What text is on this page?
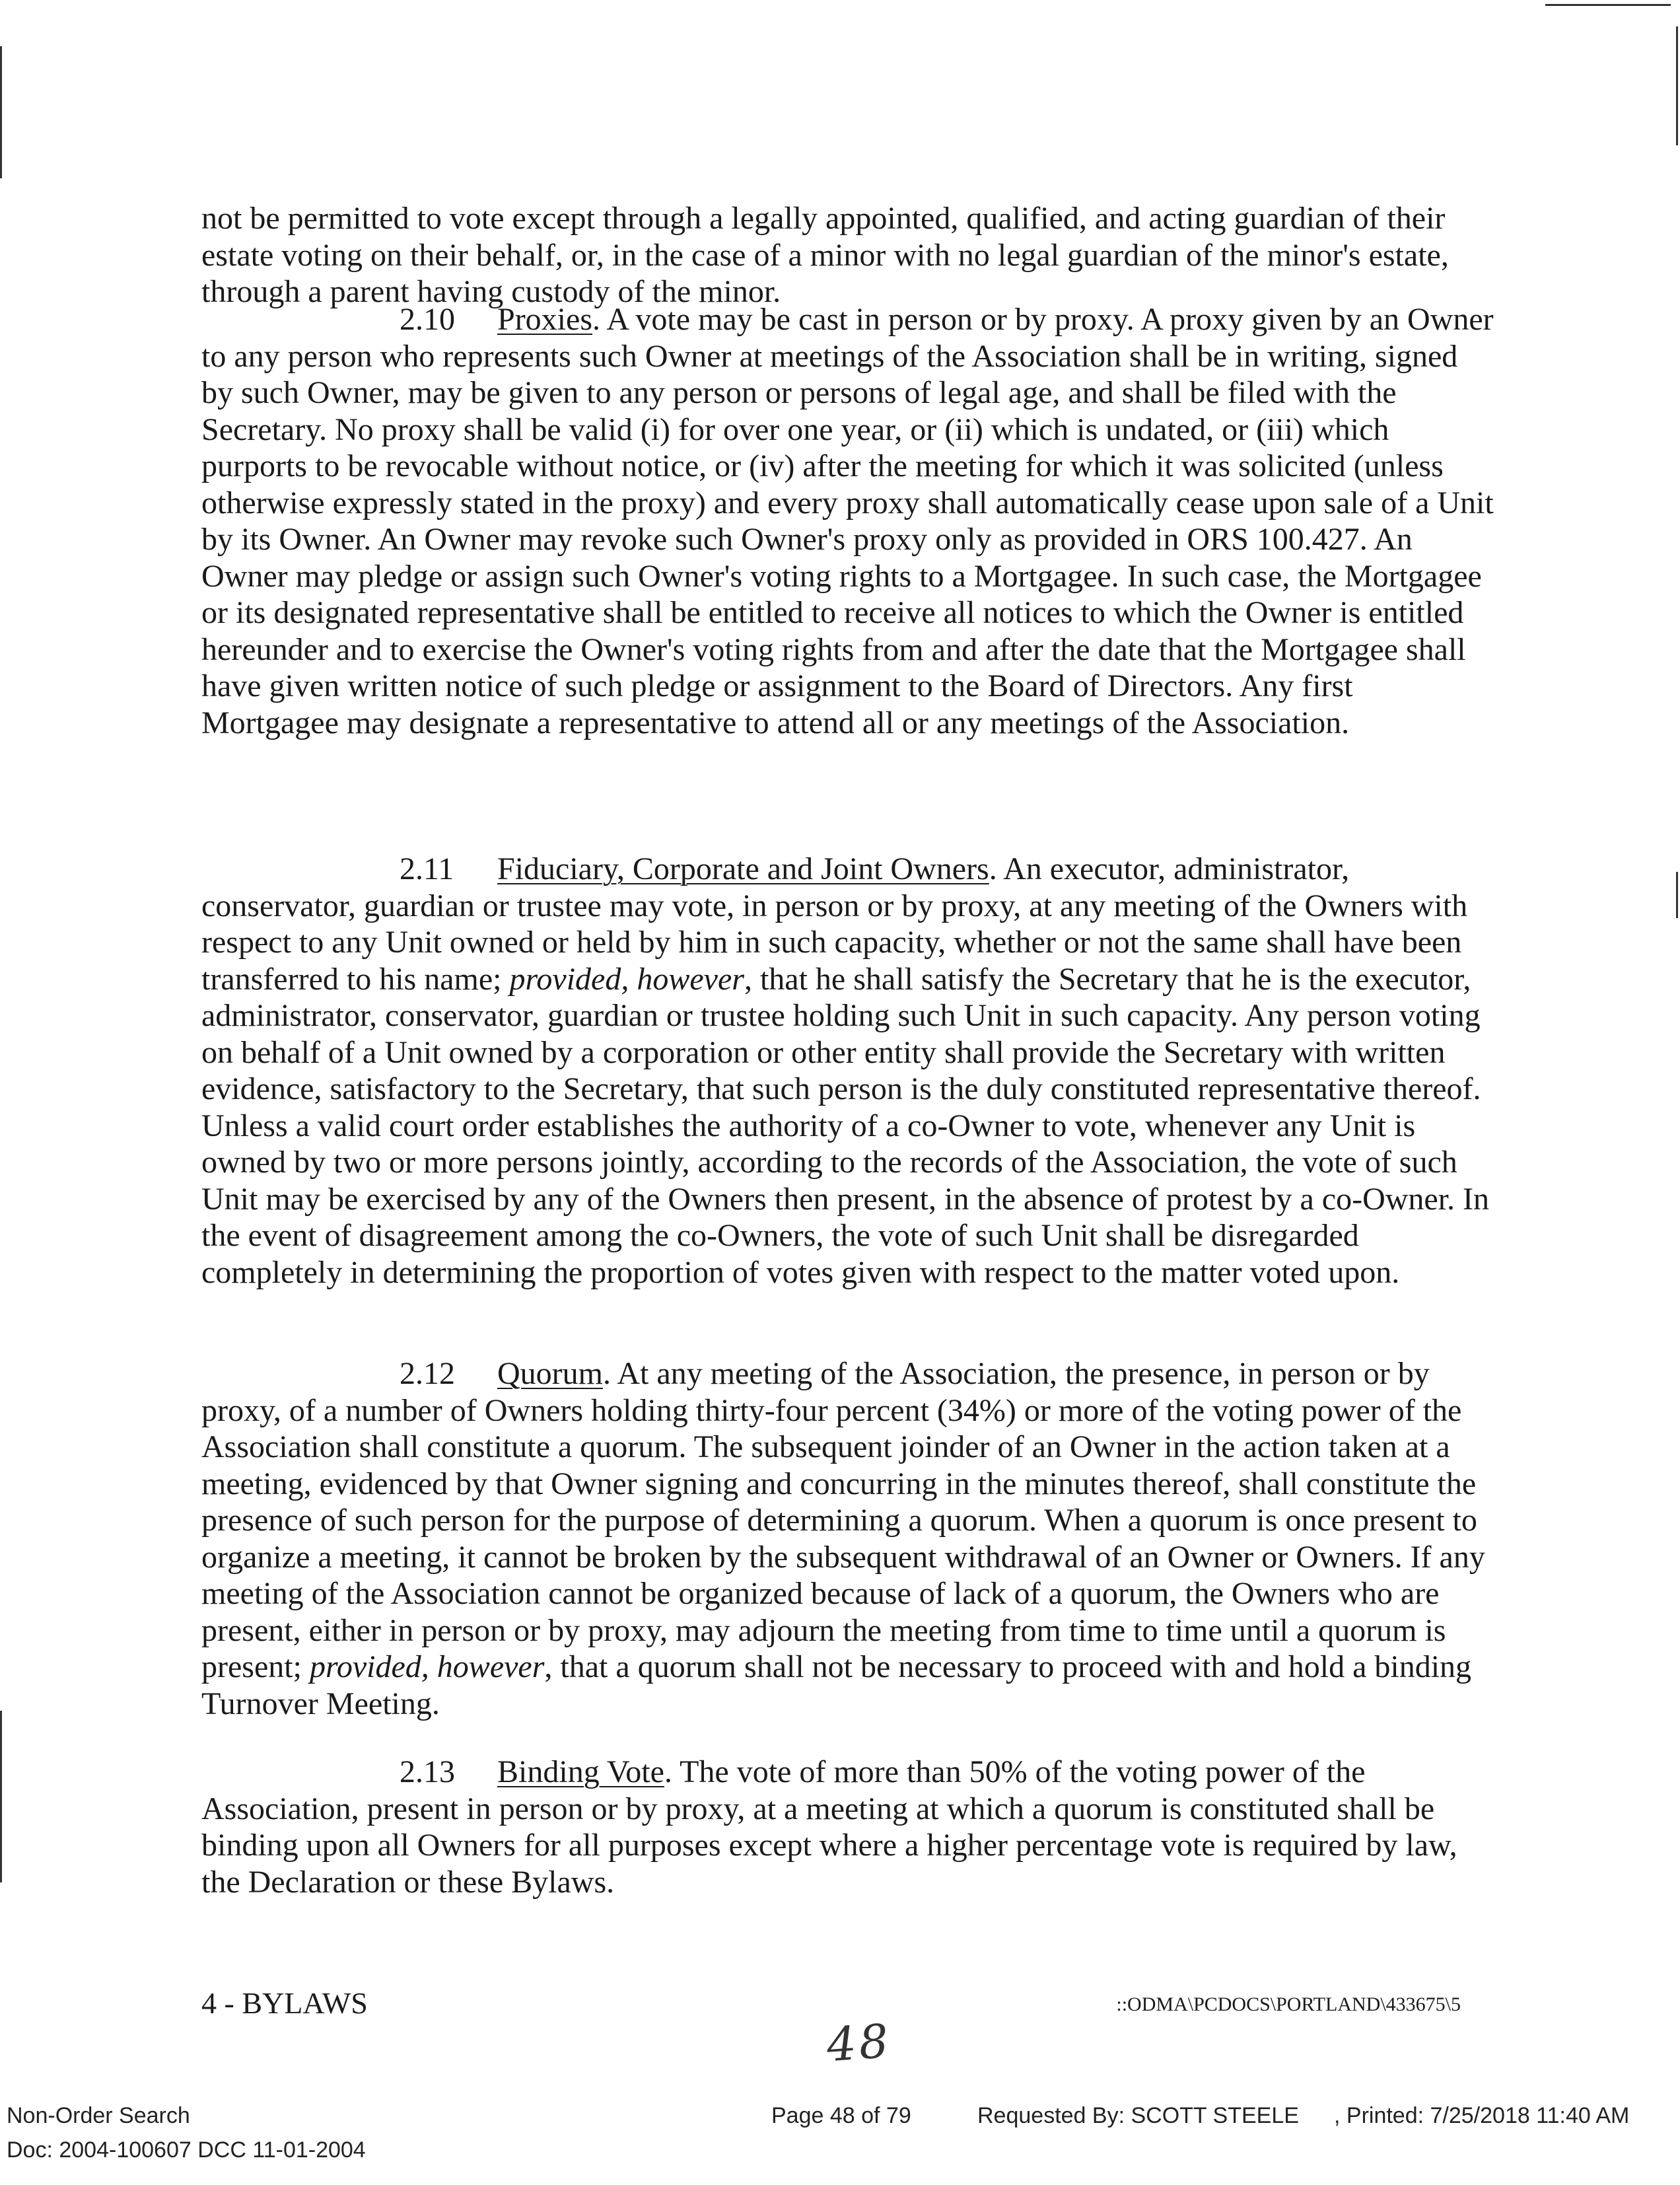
not be permitted to vote except through a legally appointed, qualified, and acting guardian of their estate voting on their behalf, or, in the case of a minor with no legal guardian of the minor's estate, through a parent having custody of the minor.

2.10 Proxies. A vote may be cast in person or by proxy. A proxy given by an Owner to any person who represents such Owner at meetings of the Association shall be in writing, signed by such Owner, may be given to any person or persons of legal age, and shall be filed with the Secretary. No proxy shall be valid (i) for over one year, or (ii) which is undated, or (iii) which purports to be revocable without notice, or (iv) after the meeting for which it was solicited (unless otherwise expressly stated in the proxy) and every proxy shall automatically cease upon sale of a Unit by its Owner. An Owner may revoke such Owner's proxy only as provided in ORS 100.427. An Owner may pledge or assign such Owner's voting rights to a Mortgagee. In such case, the Mortgagee or its designated representative shall be entitled to receive all notices to which the Owner is entitled hereunder and to exercise the Owner's voting rights from and after the date that the Mortgagee shall have given written notice of such pledge or assignment to the Board of Directors. Any first Mortgagee may designate a representative to attend all or any meetings of the Association.

2.11 Fiduciary, Corporate and Joint Owners. An executor, administrator, conservator, guardian or trustee may vote, in person or by proxy, at any meeting of the Owners with respect to any Unit owned or held by him in such capacity, whether or not the same shall have been transferred to his name; provided, however, that he shall satisfy the Secretary that he is the executor, administrator, conservator, guardian or trustee holding such Unit in such capacity. Any person voting on behalf of a Unit owned by a corporation or other entity shall provide the Secretary with written evidence, satisfactory to the Secretary, that such person is the duly constituted representative thereof. Unless a valid court order establishes the authority of a co-Owner to vote, whenever any Unit is owned by two or more persons jointly, according to the records of the Association, the vote of such Unit may be exercised by any of the Owners then present, in the absence of protest by a co-Owner. In the event of disagreement among the co-Owners, the vote of such Unit shall be disregarded completely in determining the proportion of votes given with respect to the matter voted upon.

2.12 Quorum. At any meeting of the Association, the presence, in person or by proxy, of a number of Owners holding thirty-four percent (34%) or more of the voting power of the Association shall constitute a quorum. The subsequent joinder of an Owner in the action taken at a meeting, evidenced by that Owner signing and concurring in the minutes thereof, shall constitute the presence of such person for the purpose of determining a quorum. When a quorum is once present to organize a meeting, it cannot be broken by the subsequent withdrawal of an Owner or Owners. If any meeting of the Association cannot be organized because of lack of a quorum, the Owners who are present, either in person or by proxy, may adjourn the meeting from time to time until a quorum is present; provided, however, that a quorum shall not be necessary to proceed with and hold a binding Turnover Meeting.

2.13 Binding Vote. The vote of more than 50% of the voting power of the Association, present in person or by proxy, at a meeting at which a quorum is constituted shall be binding upon all Owners for all purposes except where a higher percentage vote is required by law, the Declaration or these Bylaws.

4 - BYLAWS	::ODMA\PCDOCS\PORTLAND\433675\5
48
Non-Order Search
Doc: 2004-100607 DCC 11-01-2004
Page 48 of 79	Requested By: SCOTT STEELE , Printed: 7/25/2018 11:40 AM
